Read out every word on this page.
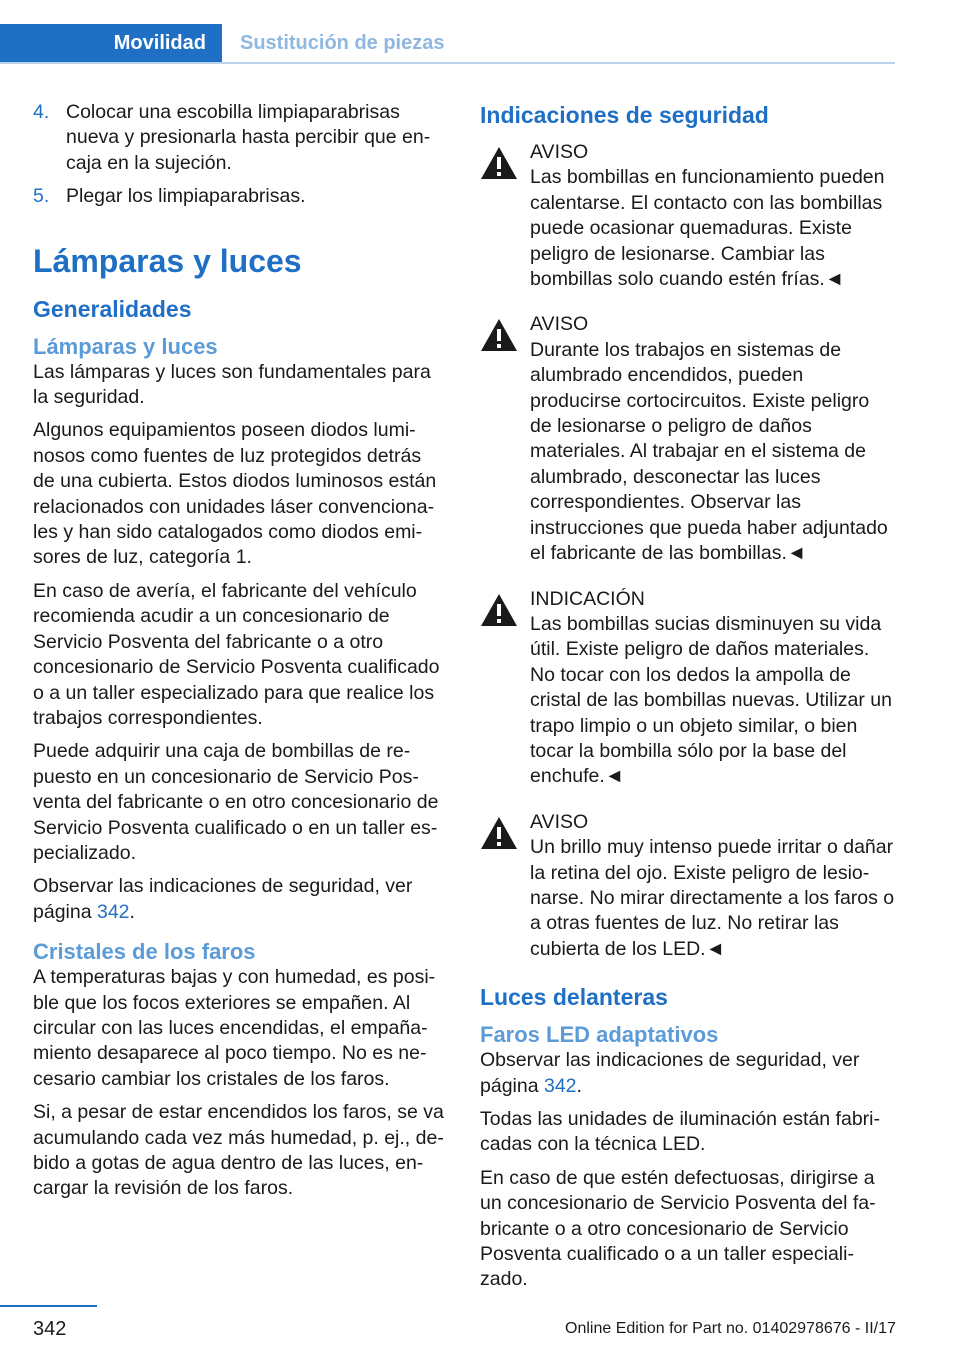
Movilidad	Sustitución de piezas
4. Colocar una escobilla limpiaparabrisas nueva y presionarla hasta percibir que encaja en la sujeción.
5. Plegar los limpiaparabrisas.
Lámparas y luces
Generalidades
Lámparas y luces

Las lámparas y luces son fundamentales para la seguridad.

Algunos equipamientos poseen diodos luminosos como fuentes de luz protegidos detrás de una cubierta. Estos diodos luminosos están relacionados con unidades láser convencionales y han sido catalogados como diodos emisores de luz, categoría 1.

En caso de avería, el fabricante del vehículo recomienda acudir a un concesionario de Servicio Posventa del fabricante o a otro concesionario de Servicio Posventa cualificado o a un taller especializado para que realice los trabajos correspondientes.

Puede adquirir una caja de bombillas de repuesto en un concesionario de Servicio Posventa del fabricante o en otro concesionario de Servicio Posventa cualificado o en un taller especializado.

Observar las indicaciones de seguridad, ver página 342.

Cristales de los faros

A temperaturas bajas y con humedad, es posible que los focos exteriores se empañen. Al circular con las luces encendidas, el empañamiento desaparece al poco tiempo. No es necesario cambiar los cristales de los faros.

Si, a pesar de estar encendidos los faros, se va acumulando cada vez más humedad, p. ej., debido a gotas de agua dentro de las luces, encargar la revisión de los faros.

Indicaciones de seguridad
AVISO
Las bombillas en funcionamiento pueden calentarse. El contacto con las bombillas puede ocasionar quemaduras. Existe peligro de lesionarse. Cambiar las bombillas solo cuando estén frías.◄
AVISO
Durante los trabajos en sistemas de alumbrado encendidos, pueden producirse cortocircuitos. Existe peligro de lesionarse o peligro de daños materiales. Al trabajar en el sistema de alumbrado, desconectar las luces correspondientes. Observar las instrucciones que pueda haber adjuntado el fabricante de las bombillas.◄
INDICACIÓN
Las bombillas sucias disminuyen su vida útil. Existe peligro de daños materiales. No tocar con los dedos la ampolla de cristal de las bombillas nuevas. Utilizar un trapo limpio o un objeto similar, o bien tocar la bombilla sólo por la base del enchufe.◄
AVISO
Un brillo muy intenso puede irritar o dañar la retina del ojo. Existe peligro de lesionarse. No mirar directamente a los faros o a otras fuentes de luz. No retirar las cubierta de los LED.◄
Luces delanteras
Faros LED adaptativos

Observar las indicaciones de seguridad, ver página 342.

Todas las unidades de iluminación están fabricadas con la técnica LED.

En caso de que estén defectuosas, dirigirse a un concesionario de Servicio Posventa del fabricante o a otro concesionario de Servicio Posventa cualificado o a un taller especializado.

342	Online Edition for Part no. 01402978676 - II/17
